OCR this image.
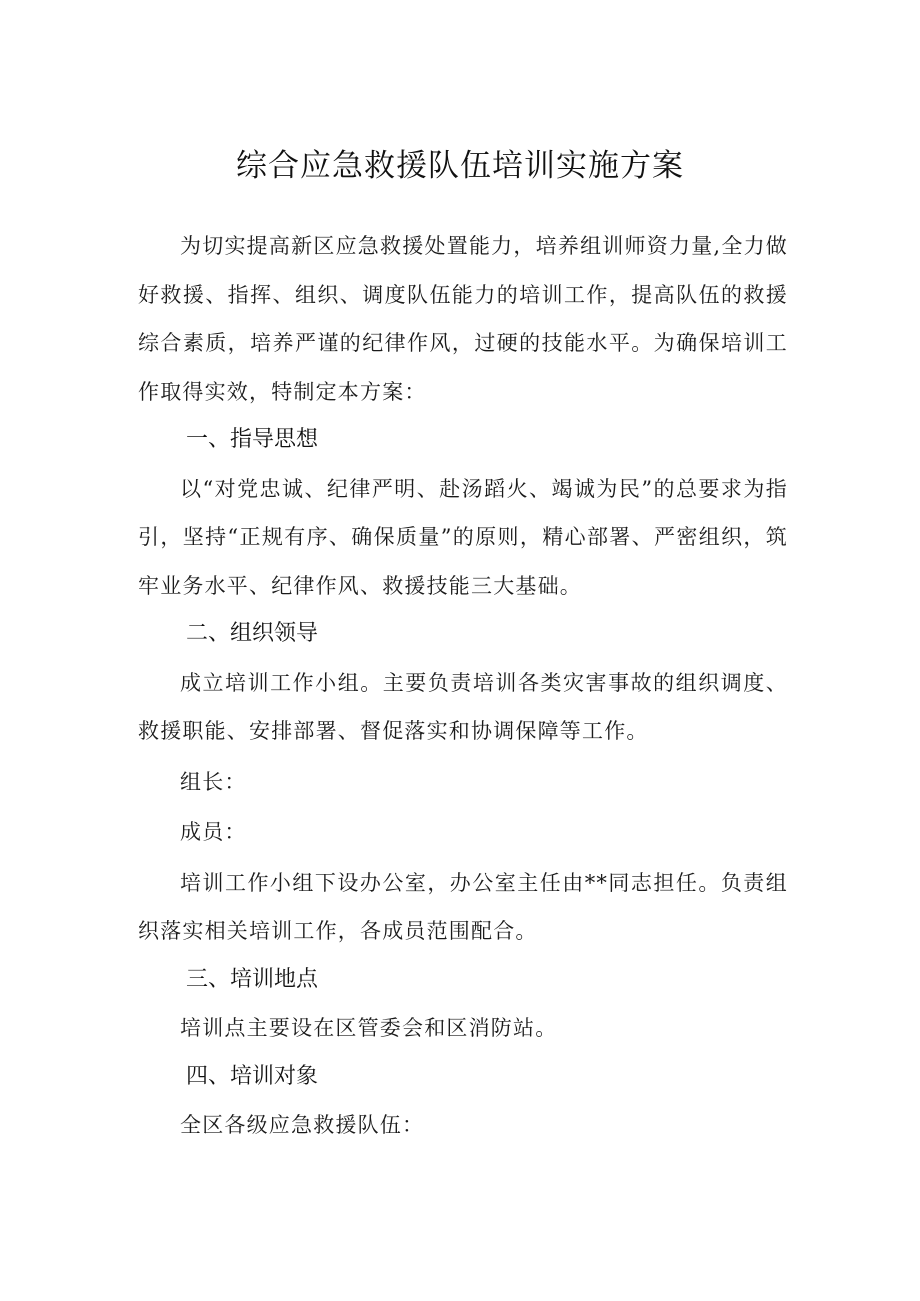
综合应急救援队伍培训实施方案

为切实提高新区应急救援处置能力，培养组训师资力量,全力做好救援、指挥、组织、调度队伍能力的培训工作，提高队伍的救援综合素质，培养严谨的纪律作风，过硬的技能水平。为确保培训工作取得实效，特制定本方案：

一、指导思想

以“对党忠诚、纪律严明、赴汤蹈火、竭诚为民”的总要求为指引，坚持“正规有序、确保质量”的原则，精心部署、严密组织，筑牢业务水平、纪律作风、救援技能三大基础。

二、组织领导

成立培训工作小组。主要负责培训各类灾害事故的组织调度、救援职能、安排部署、督促落实和协调保障等工作。

组长：

成员：

培训工作小组下设办公室，办公室主任由**同志担任。负责组织落实相关培训工作，各成员范围配合。

三、培训地点

培训点主要设在区管委会和区消防站。

四、培训对象

全区各级应急救援队伍：
